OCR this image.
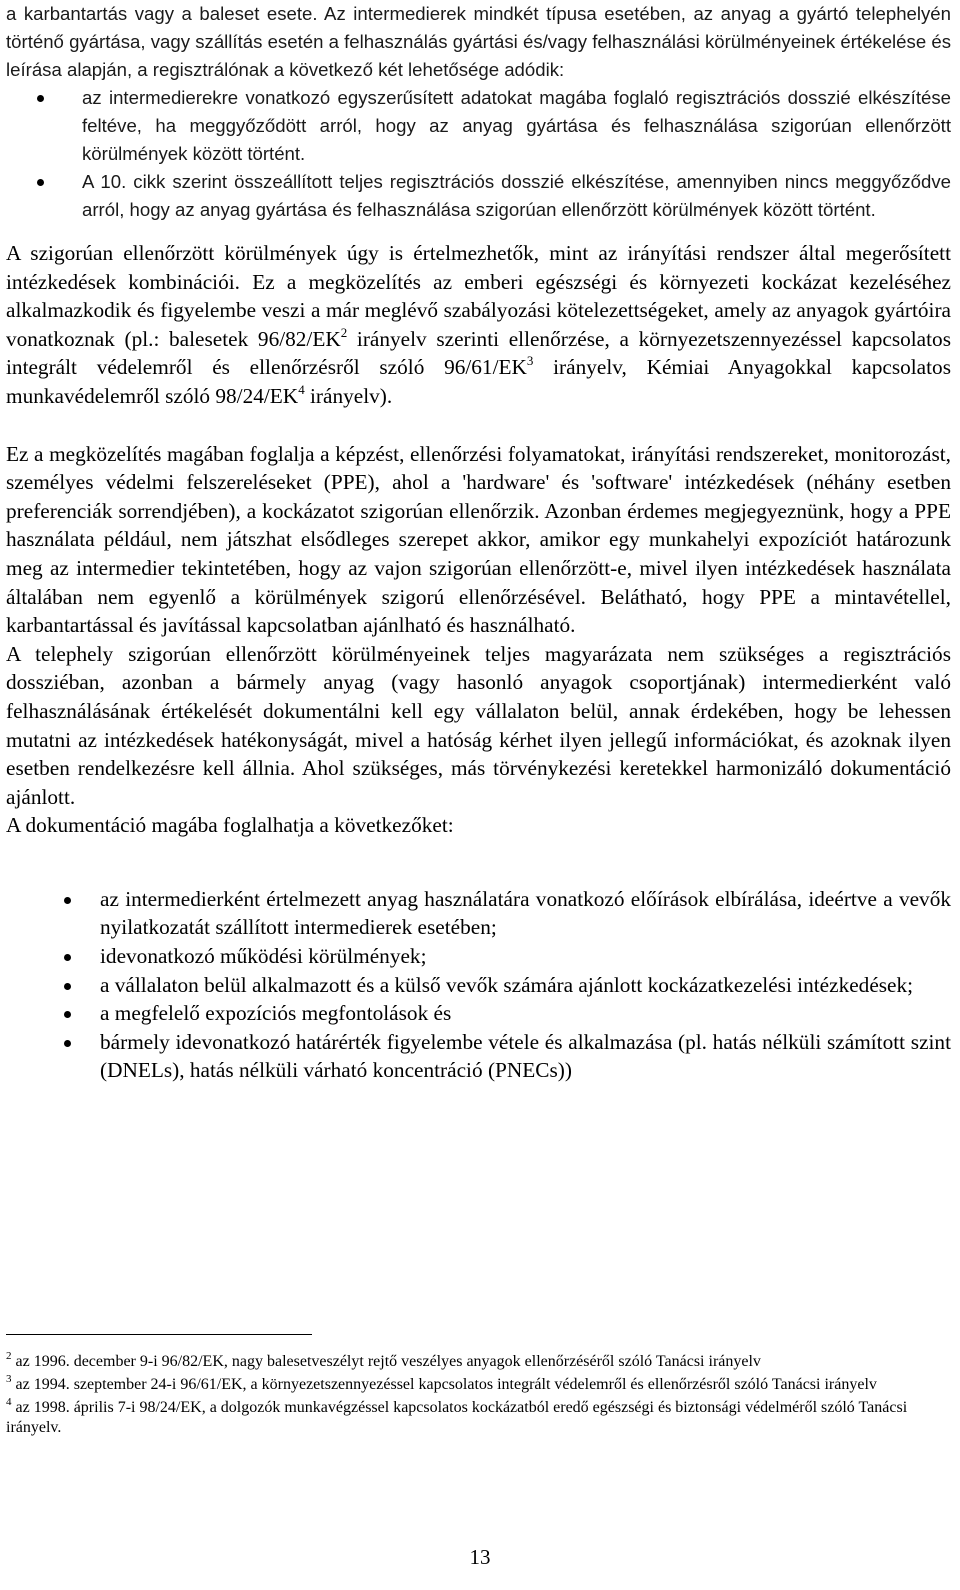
a karbantartás vagy a baleset esete. Az intermedierek mindkét típusa esetében, az anyag a gyártó telephelyén történő gyártása, vagy szállítás esetén a felhasználás gyártási és/vagy felhasználási körülményeinek értékelése és leírása alapján, a regisztrálónak a következő két lehetősége adódik:

az intermedierekre vonatkozó egyszerűsített adatokat magába foglaló regisztrációs dosszié elkészítése feltéve, ha meggyőződött arról, hogy az anyag gyártása és felhasználása szigorúan ellenőrzött körülmények között történt.
A 10. cikk szerint összeállított teljes regisztrációs dosszié elkészítése, amennyiben nincs meggyőződve arról, hogy az anyag gyártása és felhasználása szigorúan ellenőrzött körülmények között történt.

A szigorúan ellenőrzött körülmények úgy is értelmezhetők, mint az irányítási rendszer által megerősített intézkedések kombinációi. Ez a megközelítés az emberi egészségi és környezeti kockázat kezeléséhez alkalmazkodik és figyelembe veszi a már meglévő szabályozási kötelezettségeket, amely az anyagok gyártóira vonatkoznak (pl.: balesetek $96/82/EK^2$ irányelv szerinti ellenőrzése, a környezetszennyezéssel kapcsolatos integrált védelemről és ellenőrzésről szóló $96/61/EK^3$ irányelv, Kémiai Anyagokkal kapcsolatos munkavédelemről szóló $98/24/EK^4$ irányelv).

Ez a megközelítés magában foglalja a képzést, ellenőrzési folyamatokat, irányítási rendszereket, monitorozást, személyes védelmi felszereléseket (PPE), ahol a 'hardware' és 'software' intézkedések (néhány esetben preferenciák sorrendjében), a kockázatot szigorúan ellenőrzik. Azonban érdemes megjegyeznünk, hogy a PPE használata például, nem játszhat elsődleges szerepet akkor, amikor egy munkahelyi expozíciót határozunk meg az intermedier tekintetében, hogy az vajon szigorúan ellenőrzött-e, mivel ilyen intézkedések használata általában nem egyenlő a körülmények szigorú ellenőrzésével. Belátható, hogy PPE a mintavétellel, karbantartással és javítással kapcsolatban ajánlható és használható.

A telephely szigorúan ellenőrzött körülményeinek teljes magyarázata nem szükséges a regisztrációs dossziéban, azonban a bármely anyag (vagy hasonló anyagok csoportjának) intermedierként való felhasználásának értékelését dokumentálni kell egy vállalaton belül, annak érdekében, hogy be lehessen mutatni az intézkedések hatékonyságát, mivel a hatóság kérhet ilyen jellegű információkat, és azoknak ilyen esetben rendelkezésre kell állnia. Ahol szükséges, más törvénykezési keretekkel harmonizáló dokumentáció ajánlott.

A dokumentáció magába foglalhatja a következőket:

az intermedierként értelmezett anyag használatára vonatkozó előírások elbírálása, ideértve a vevők nyilatkozatát szállított intermedierek esetében;
idevonatkozó működési körülmények;
a vállalaton belül alkalmazott és a külső vevők számára ajánlott kockázatkezelési intézkedések;
a megfelelő expozíciós megfontolások és
bármely idevonatkozó határérték figyelembe vétele és alkalmazása (pl. hatás nélküli számított szint (DNELs), hatás nélküli várható koncentráció (PNECs))
$^2$ az 1996. december 9-i 96/82/EK, nagy balesetveszélyt rejtő veszélyes anyagok ellenőrzéséről szóló Tanácsi irányelv
$^3$ az 1994. szeptember 24-i 96/61/EK, a környezetszennyezéssel kapcsolatos integrált védelemről és ellenőrzésről szóló Tanácsi irányelv
$^4$ az 1998. április 7-i 98/24/EK, a dolgozók munkavégzéssel kapcsolatos kockázatból eredő egészségi és biztonsági védelméről szóló Tanácsi irányelv.
13
